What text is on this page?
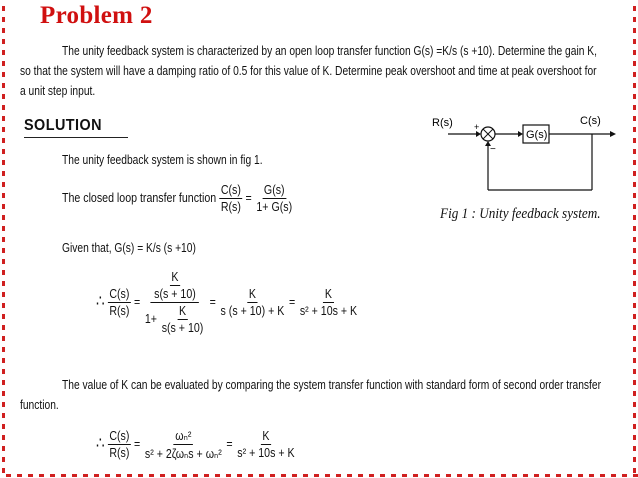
Problem 2
The unity feedback system is characterized by an open loop transfer function G(s) =K/s (s +10). Determine the gain K,
so that the system will have a damping ratio of 0.5 for this value of K. Determine peak overshoot and time at peak overshoot for
a unit step input.
SOLUTION
The unity feedback system is shown in fig 1.
The closed loop transfer function $\frac{C(s)}{R(s)} = \frac{G(s)}{1+ G(s)}$
Given that, G(s) = K/s (s +10)
∴ $\frac{C(s)}{R(s)} = \frac{\frac{K}{s(s + 10)}}{1+ \frac{K}{s(s + 10)}} = \frac{K}{s (s + 10) + K} = \frac{K}{\text{s² + 10s + K}}$
The value of K can be evaluated by comparing the system transfer function with standard form of second order transfer
function.
∴ $\frac{C(s)}{R(s)} = \frac{\text{ωₙ²}}{\text{s² + 2ζωₙs + ωₙ²}} = \frac{K}{\text{s² + 10s + K}}$
R(s) +
−
G(s)
C(s)
Fig 1 : Unity feedback system.
